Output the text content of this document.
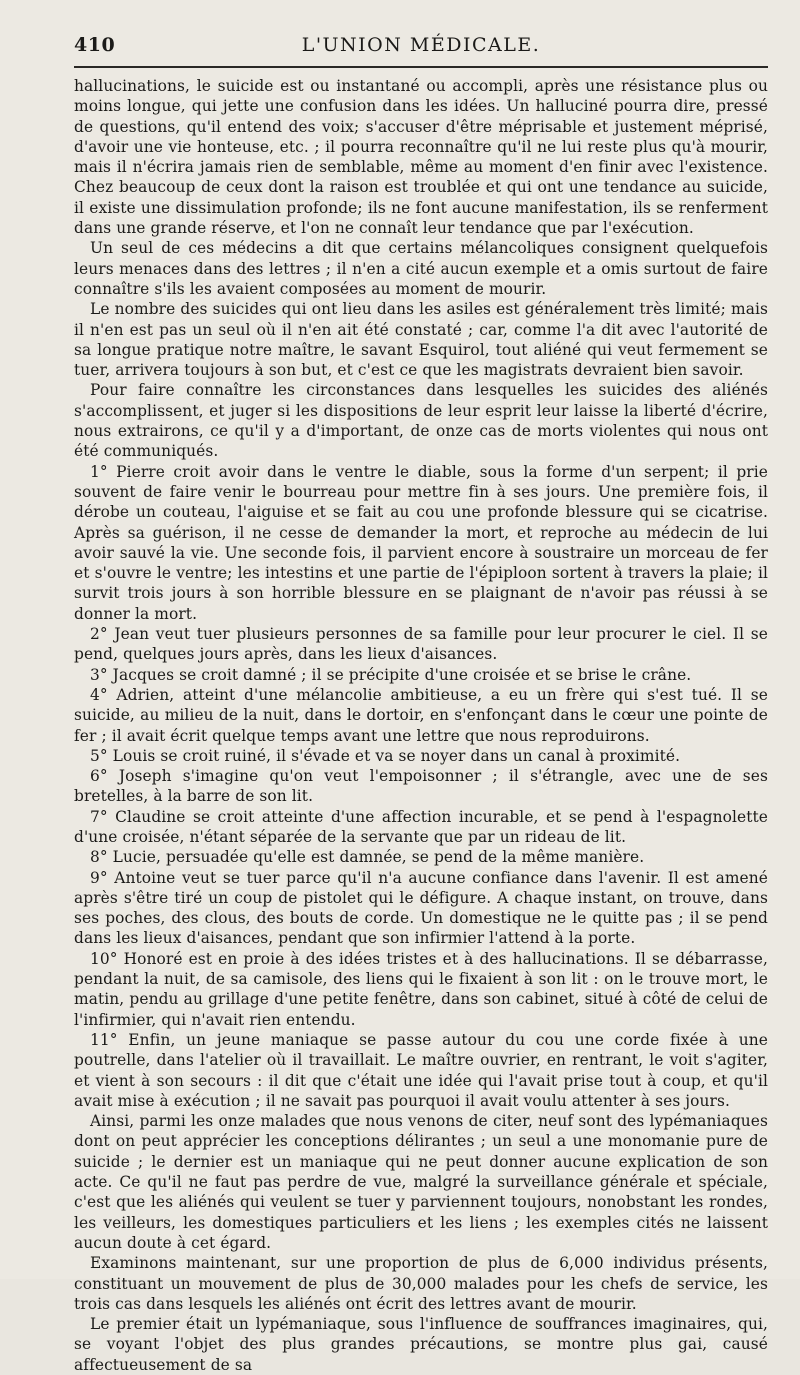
410	L'UNION MÉDICALE.

hallucinations, le suicide est ou instantané ou accompli, après une résistance plus ou moins longue, qui jette une confusion dans les idées. Un halluciné pourra dire, pressé de questions, qu'il entend des voix; s'accuser d'être méprisable et justement méprisé, d'avoir une vie honteuse, etc. ; il pourra reconnaître qu'il ne lui reste plus qu'à mourir, mais il n'écrira jamais rien de semblable, même au moment d'en finir avec l'existence. Chez beaucoup de ceux dont la raison est troublée et qui ont une tendance au suicide, il existe une dissimulation profonde; ils ne font aucune manifestation, ils se renferment dans une grande réserve, et l'on ne connaît leur tendance que par l'exécution.

Un seul de ces médecins a dit que certains mélancoliques consignent quelquefois leurs menaces dans des lettres ; il n'en a cité aucun exemple et a omis surtout de faire connaître s'ils les avaient composées au moment de mourir.

Le nombre des suicides qui ont lieu dans les asiles est généralement très limité; mais il n'en est pas un seul où il n'en ait été constaté ; car, comme l'a dit avec l'autorité de sa longue pratique notre maître, le savant Esquirol, tout aliéné qui veut fermement se tuer, arrivera toujours à son but, et c'est ce que les magistrats devraient bien savoir.

Pour faire connaître les circonstances dans lesquelles les suicides des aliénés s'accomplissent, et juger si les dispositions de leur esprit leur laisse la liberté d'écrire, nous extrairons, ce qu'il y a d'important, de onze cas de morts violentes qui nous ont été communiqués.

1° Pierre croit avoir dans le ventre le diable, sous la forme d'un serpent; il prie souvent de faire venir le bourreau pour mettre fin à ses jours. Une première fois, il dérobe un couteau, l'aiguise et se fait au cou une profonde blessure qui se cicatrise. Après sa guérison, il ne cesse de demander la mort, et reproche au médecin de lui avoir sauvé la vie. Une seconde fois, il parvient encore à soustraire un morceau de fer et s'ouvre le ventre; les intestins et une partie de l'épiploon sortent à travers la plaie; il survit trois jours à son horrible blessure en se plaignant de n'avoir pas réussi à se donner la mort.

2° Jean veut tuer plusieurs personnes de sa famille pour leur procurer le ciel. Il se pend, quelques jours après, dans les lieux d'aisances.

3° Jacques se croit damné ; il se précipite d'une croisée et se brise le crâne.

4° Adrien, atteint d'une mélancolie ambitieuse, a eu un frère qui s'est tué. Il se suicide, au milieu de la nuit, dans le dortoir, en s'enfonçant dans le cœur une pointe de fer ; il avait écrit quelque temps avant une lettre que nous reproduirons.

5° Louis se croit ruiné, il s'évade et va se noyer dans un canal à proximité.

6° Joseph s'imagine qu'on veut l'empoisonner ; il s'étrangle, avec une de ses bretelles, à la barre de son lit.

7° Claudine se croit atteinte d'une affection incurable, et se pend à l'espagnolette d'une croisée, n'étant séparée de la servante que par un rideau de lit.

8° Lucie, persuadée qu'elle est damnée, se pend de la même manière.

9° Antoine veut se tuer parce qu'il n'a aucune confiance dans l'avenir. Il est amené après s'être tiré un coup de pistolet qui le défigure. A chaque instant, on trouve, dans ses poches, des clous, des bouts de corde. Un domestique ne le quitte pas ; il se pend dans les lieux d'aisances, pendant que son infirmier l'attend à la porte.

10° Honoré est en proie à des idées tristes et à des hallucinations. Il se débarrasse, pendant la nuit, de sa camisole, des liens qui le fixaient à son lit : on le trouve mort, le matin, pendu au grillage d'une petite fenêtre, dans son cabinet, situé à côté de celui de l'infirmier, qui n'avait rien entendu.

11° Enfin, un jeune maniaque se passe autour du cou une corde fixée à une poutrelle, dans l'atelier où il travaillait. Le maître ouvrier, en rentrant, le voit s'agiter, et vient à son secours : il dit que c'était une idée qui l'avait prise tout à coup, et qu'il avait mise à exécution ; il ne savait pas pourquoi il avait voulu attenter à ses jours.

Ainsi, parmi les onze malades que nous venons de citer, neuf sont des lypémaniaques dont on peut apprécier les conceptions délirantes ; un seul a une monomanie pure de suicide ; le dernier est un maniaque qui ne peut donner aucune explication de son acte. Ce qu'il ne faut pas perdre de vue, malgré la surveillance générale et spéciale, c'est que les aliénés qui veulent se tuer y parviennent toujours, nonobstant les rondes, les veilleurs, les domestiques particuliers et les liens ; les exemples cités ne laissent aucun doute à cet égard.

Examinons maintenant, sur une proportion de plus de 6,000 individus présents, constituant un mouvement de plus de 30,000 malades pour les chefs de service, les trois cas dans lesquels les aliénés ont écrit des lettres avant de mourir.

Le premier était un lypémaniaque, sous l'influence de souffrances imaginaires, qui, se voyant l'objet des plus grandes précautions, se montre plus gai, causé affectueusement de sa
